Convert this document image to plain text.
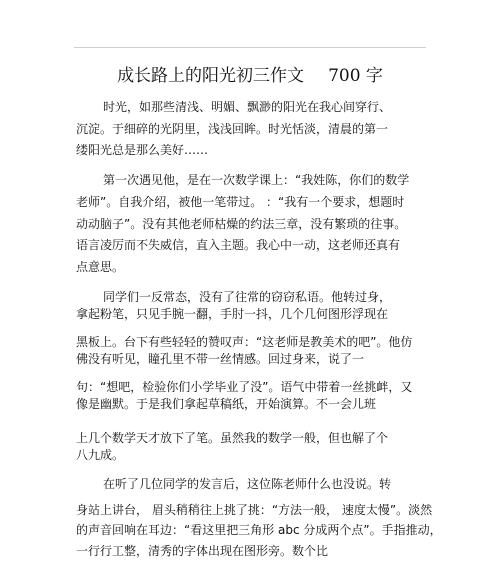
成长路上的阳光初三作文 700 字
时光，如那些清浅、明媚、飘渺的阳光在我心间穿行、
沉淀。于细碎的光阴里，浅浅回眸。时光恬淡，清晨的第一
缕阳光总是那么美好……
第一次遇见他，是在一次数学课上：“我姓陈，你们的数学
老师”。自我介绍，被他一笔带过。 ：“我有一个要求，想题时
动动脑子”。没有其他老师枯燥的约法三章，没有繁琐的往事。
语言凌厉而不失威信，直入主题。我心中一动，这老师还真有
点意思。
同学们一反常态，没有了往常的窃窃私语。他转过身，
拿起粉笔，只见手腕一翻，手肘一抖，几个几何图形浮现在
黑板上。台下有些轻轻的赞叹声：“这老师是教美术的吧”。他仿
佛没有听见，瞳孔里不带一丝情感。回过身来，说了一
句：“想吧，检验你们小学毕业了没”。语气中带着一丝挑衅，又
像是幽默。于是我们拿起草稿纸，开始演算。不一会儿班
上几个数学天才放下了笔。虽然我的数学一般，但也解了个
八九成。
在听了几位同学的发言后，这位陈老师什么也没说。转
身站上讲台， 眉头稍稍往上挑了挑：“方法一般， 速度太慢”。淡然
的声音回响在耳边：“看这里把三角形 abc 分成两个点”。手指推动，
一行行工整，清秀的字体出现在图形旁。数个比
